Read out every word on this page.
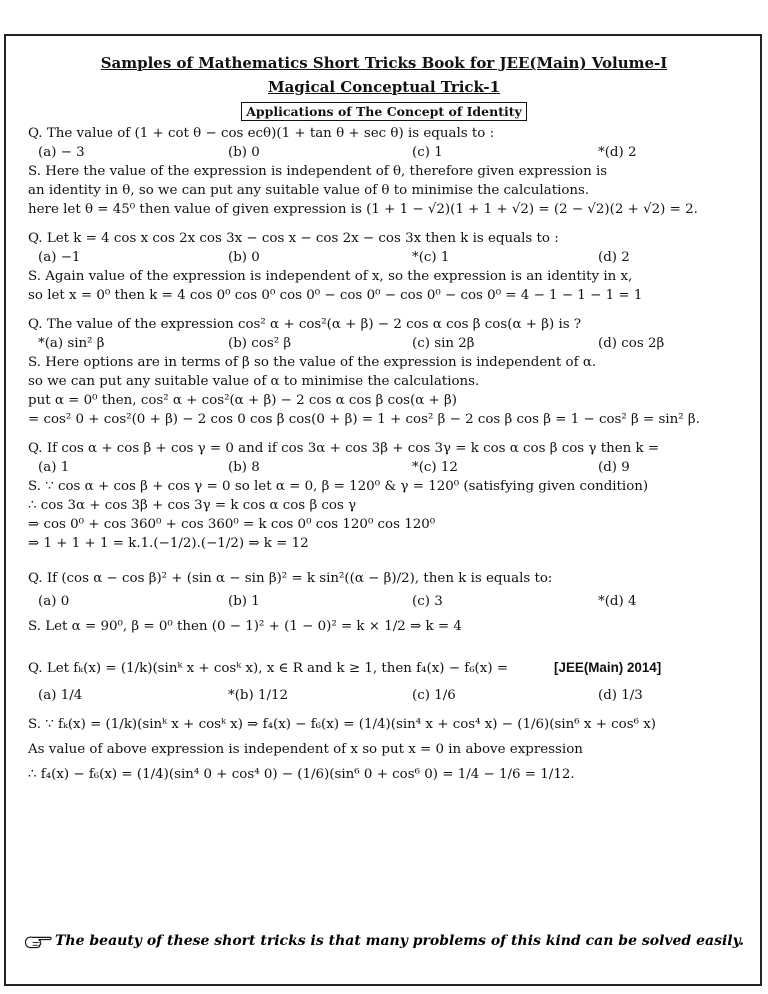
Samples of Mathematics Short Tricks Book for JEE(Main) Volume-I
Magical Conceptual Trick-1
Applications of The Concept of Identity
Q. The value of (1 + cot θ − cos ecθ)(1 + tan θ + sec θ) is equals to :
(a) − 3	(b) 0	(c) 1	*(d) 2
S. Here the value of the expression is independent of θ, therefore given expression is
an identity in θ, so we can put any suitable value of θ to minimise the calculations.
here let θ = 45⁰ then value of given expression is (1 + 1 − √2)(1 + 1 + √2) = (2 − √2)(2 + √2) = 2.
Q. Let k = 4 cos x cos 2x cos 3x − cos x − cos 2x − cos 3x then k is equals to :
(a) −1	(b) 0	*(c) 1	(d) 2
S. Again value of the expression is independent of x, so the expression is an identity in x,
so let x = 0⁰ then k = 4 cos 0⁰ cos 0⁰ cos 0⁰ − cos 0⁰ − cos 0⁰ − cos 0⁰ = 4 − 1 − 1 − 1 = 1
Q. The value of the expression cos² α + cos²(α + β) − 2 cos α cos β cos(α + β) is ?
*(a) sin² β	(b) cos² β	(c) sin 2β	(d) cos 2β
S. Here options are in terms of β so the value of the expression is independent of α.
so we can put any suitable value of α to minimise the calculations.
put α = 0⁰ then, cos² α + cos²(α + β) − 2 cos α cos β cos(α + β)
= cos² 0 + cos²(0 + β) − 2 cos 0 cos β cos(0 + β) = 1 + cos² β − 2 cos β cos β = 1 − cos² β = sin² β.
Q. If cos α + cos β + cos γ = 0 and if cos 3α + cos 3β + cos 3γ = k cos α cos β cos γ then k =
(a) 1	(b) 8	*(c) 12	(d) 9
S. ∵ cos α + cos β + cos γ = 0 so let α = 0, β = 120⁰ & γ = 120⁰ (satisfying given condition)
∴ cos 3α + cos 3β + cos 3γ = k cos α cos β cos γ
⇒ cos 0⁰ + cos 360⁰ + cos 360⁰ = k cos 0⁰ cos 120⁰ cos 120⁰
⇒ 1 + 1 + 1 = k.1.(−1/2).(−1/2) ⇒ k = 12
Q. If (cos α − cos β)² + (sin α − sin β)² = k sin²((α − β)/2), then k is equals to:
(a) 0	(b) 1	(c) 3	*(d) 4
S. Let α = 90⁰, β = 0⁰ then (0 − 1)² + (1 − 0)² = k × 1/2 ⇒ k = 4
Q. Let fₖ(x) = (1/k)(sinᵏ x + cosᵏ x), x ∈ R and k ≥ 1, then f₄(x) − f₆(x) =	[JEE(Main) 2014]
(a) 1/4	*(b) 1/12	(c) 1/6	(d) 1/3
S. ∵ fₖ(x) = (1/k)(sinᵏ x + cosᵏ x) ⇒ f₄(x) − f₆(x) = (1/4)(sin⁴ x + cos⁴ x) − (1/6)(sin⁶ x + cos⁶ x)
As value of above expression is independent of x so put x = 0 in above expression
∴ f₄(x) − f₆(x) = (1/4)(sin⁴ 0 + cos⁴ 0) − (1/6)(sin⁶ 0 + cos⁶ 0) = 1/4 − 1/6 = 1/12.
The beauty of these short tricks is that many problems of this kind can be solved easily.
